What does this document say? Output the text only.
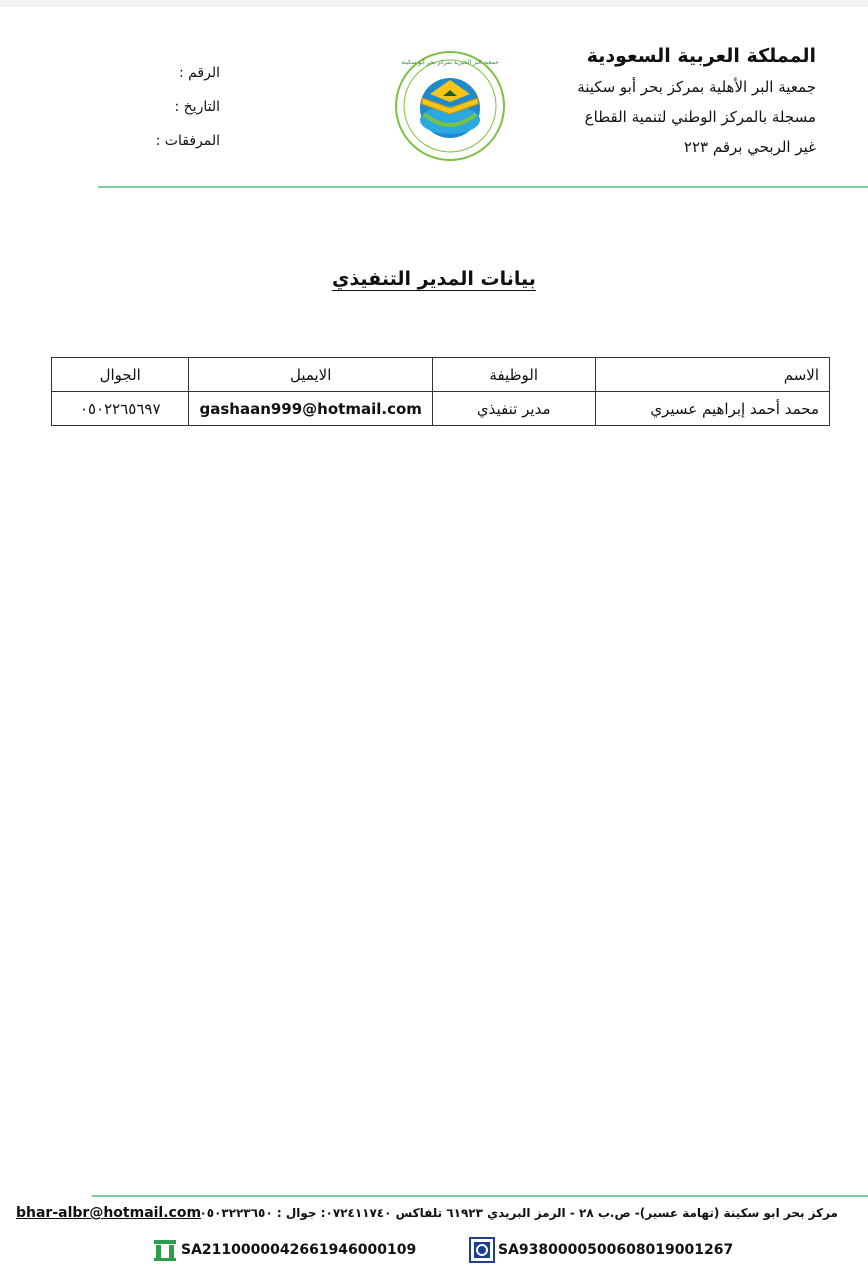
المملكة العربية السعودية
جمعية البر الأهلية بمركز بحر أبو سكينة
مسجلة بالمركز الوطني لتنمية القطاع
غير الربحي برقم ٢٢٣
جمعية البر الخيرية بمركز بحر أبو سكينة
الرقم :
التاريخ :
المرفقات :
بيانات المدير التنفيذي
الاسم	الوظيفة	الايميل	الجوال
محمد أحمد إبراهيم عسيري	مدير تنفيذي	gashaan999@hotmail.com	٠٥٠٢٢٦٥٦٩٧
bhar-albr@hotmail.com
مركز بحر ابو سكينة (تهامة عسير)- ص.ب ٢٨ - الرمز البريدي ٦١٩٢٣ تلفاكس ٠٧٢٤١١٧٤٠: جوال : ٠٥٠٣٢٢٣٦٥٠
SA2110000042661946000109	SA9380000500608019001267
